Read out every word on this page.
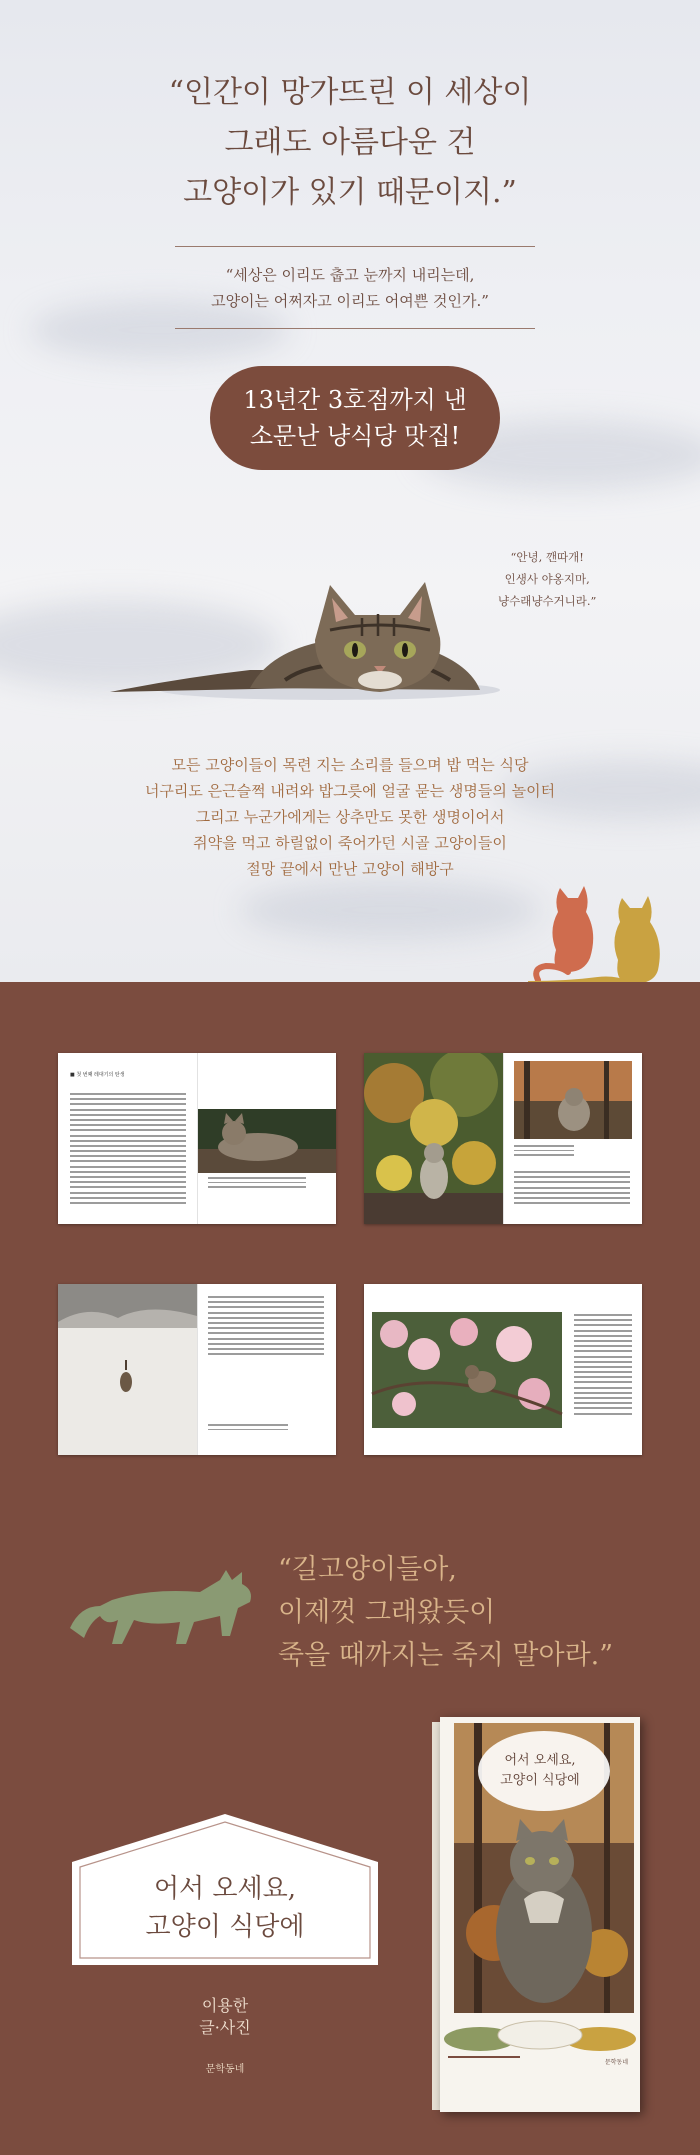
“인간이 망가뜨린 이 세상이
그래도 아름다운 건
고양이가 있기 때문이지.”
“세상은 이리도 춥고 눈까지 내리는데,
고양이는 어쩌자고 이리도 어여쁜 것인가.”
13년간 3호점까지 낸
소문난 냥식당 맛집!
“안녕, 깬따개!
인생사 야옹지마,
냥수래냥수거니라.”
모든 고양이들이 목련 지는 소리를 들으며 밥 먹는 식당
너구리도 은근슬쩍 내려와 밥그릇에 얼굴 묻는 생명들의 놀이터
그리고 누군가에게는 상추만도 못한 생명이어서
쥐약을 먹고 하릴없이 죽어가던 시골 고양이들이
절망 끝에서 만난 고양이 해방구
■ 첫 번째 레대기의 탄생
“길고양이들아,
이제껏 그래왔듯이
죽을 때까지는 죽지 말아라.”
어서 오세요,
고양이 식당에
이용한
글·사진
문학동네
어서 오세요,
고양이 식당에
문학동네
